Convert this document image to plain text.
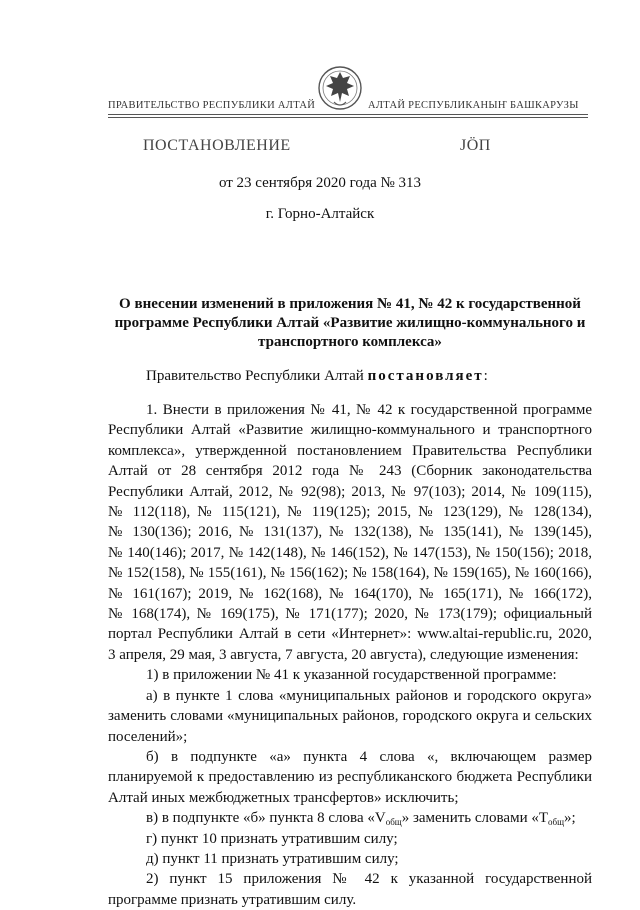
ПРАВИТЕЛЬСТВО РЕСПУБЛИКИ АЛТАЙ	АЛТАЙ РЕСПУБЛИКАНЫҤ БАШКАРУЗЫ
ПОСТАНОВЛЕНИЕ	ЈӦП
от 23 сентября 2020 года № 313
г. Горно-Алтайск
О внесении изменений в приложения № 41, № 42 к государственной
программе Республики Алтай «Развитие жилищно-коммунального и
транспортного комплекса»
Правительство Республики Алтай постановляет:
1. Внести в приложения № 41, № 42 к государственной программе
Республики Алтай «Развитие жилищно-коммунального и транспортного
комплекса», утвержденной постановлением Правительства Республики
Алтай от 28 сентября 2012 года № 243 (Сборник законодательства
Республики Алтай, 2012, № 92(98); 2013, № 97(103); 2014, № 109(115),
№ 112(118), № 115(121), № 119(125); 2015, № 123(129), № 128(134),
№ 130(136); 2016, № 131(137), № 132(138), № 135(141), № 139(145),
№ 140(146); 2017, № 142(148), № 146(152), № 147(153), № 150(156); 2018,
№ 152(158), № 155(161), № 156(162); № 158(164), № 159(165), № 160(166),
№ 161(167); 2019, № 162(168), № 164(170), № 165(171), № 166(172),
№ 168(174), № 169(175), № 171(177); 2020, № 173(179); официальный
портал Республики Алтай в сети «Интернет»: www.altai-republic.ru, 2020,
3 апреля, 29 мая, 3 августа, 7 августа, 20 августа), следующие изменения:
1) в приложении № 41 к указанной государственной программе:
а) в пункте 1 слова «муниципальных районов и городского округа»
заменить словами «муниципальных районов, городского округа и сельских
поселений»;
б) в подпункте «а» пункта 4 слова «, включающем размер
планируемой к предоставлению из республиканского бюджета Республики
Алтай иных межбюджетных трансфертов» исключить;
в) в подпункте «б» пункта 8 слова «$V_{общ}$» заменить словами «$T_{общ}$»;
г) пункт 10 признать утратившим силу;
д) пункт 11 признать утратившим силу;
2) пункт 15 приложения № 42 к указанной государственной
программе признать утратившим силу.
